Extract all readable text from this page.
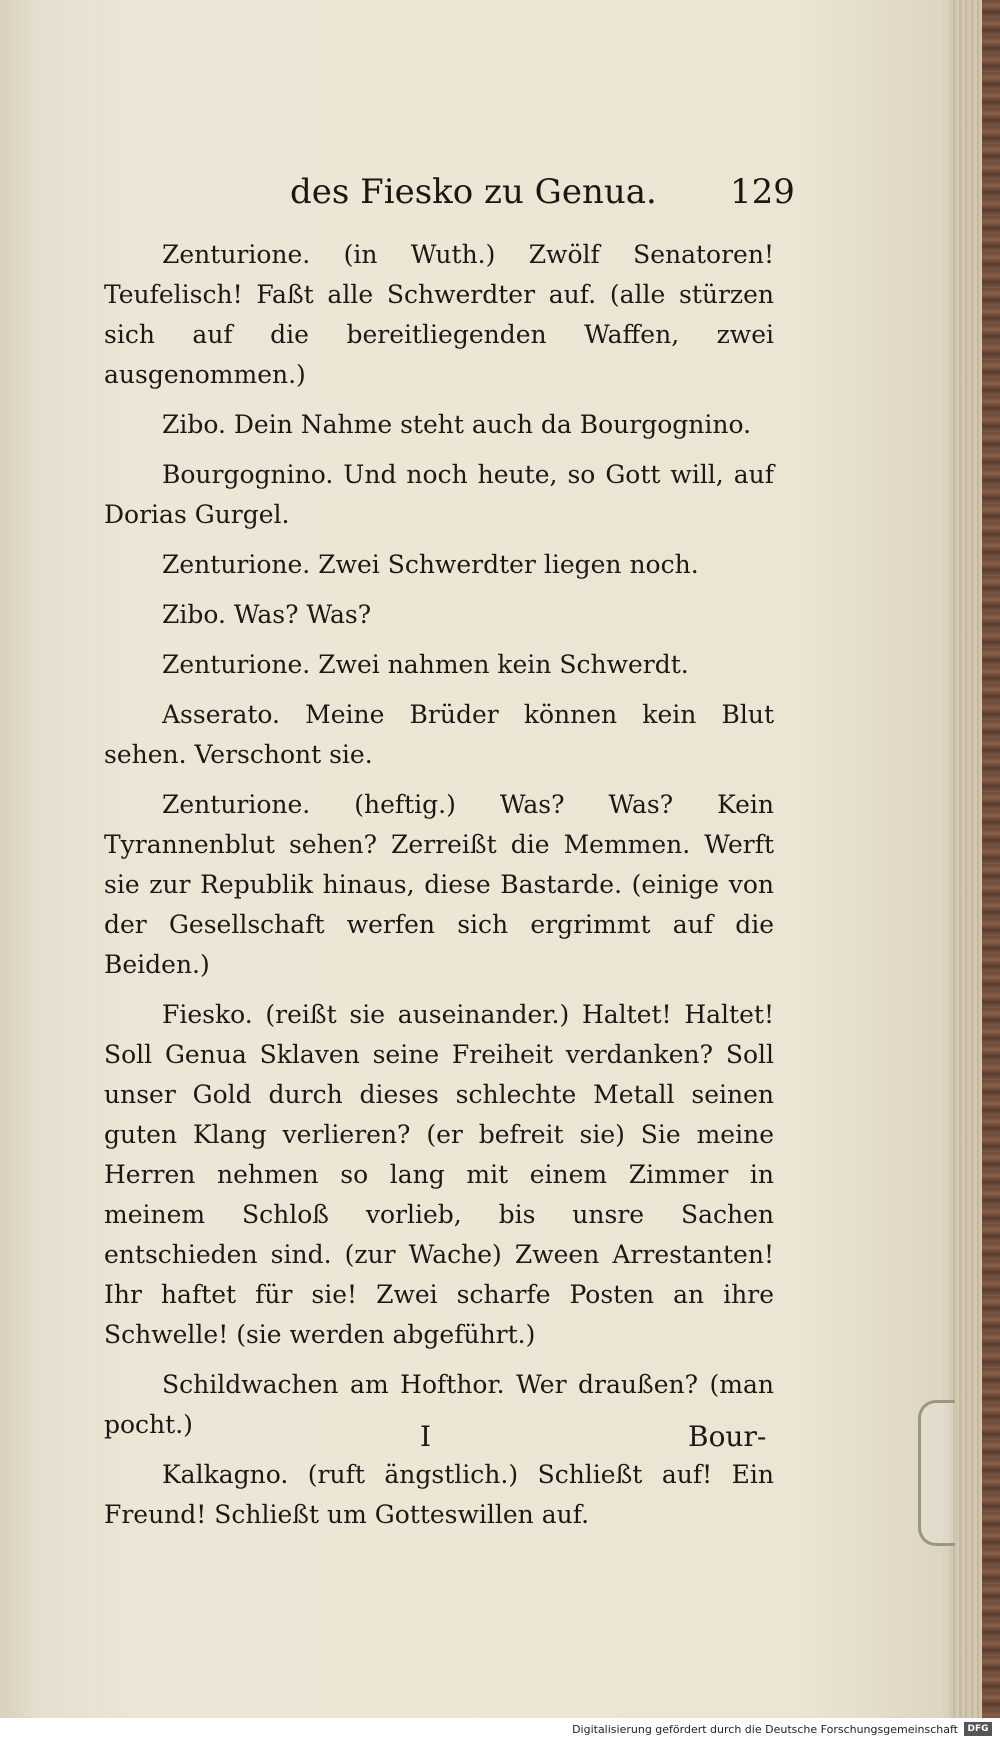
des Fiesko zu Genua. 129

Zenturione. (in Wuth.) Zwölf Senatoren! Teufelisch! Faßt alle Schwerdter auf. (alle stürzen sich auf die bereitliegenden Waffen, zwei ausgenommen.)

Zibo. Dein Nahme steht auch da Bourgognino.

Bourgognino. Und noch heute, so Gott will, auf Dorias Gurgel.

Zenturione. Zwei Schwerdter liegen noch.

Zibo. Was? Was?

Zenturione. Zwei nahmen kein Schwerdt.

Asserato. Meine Brüder können kein Blut sehen. Verschont sie.

Zenturione. (heftig.) Was? Was? Kein Tyrannenblut sehen? Zerreißt die Memmen. Werft sie zur Republik hinaus, diese Bastarde. (einige von der Gesellschaft werfen sich ergrimmt auf die Beiden.)

Fiesko. (reißt sie auseinander.) Haltet! Haltet! Soll Genua Sklaven seine Freiheit verdanken? Soll unser Gold durch dieses schlechte Metall seinen guten Klang verlieren? (er befreit sie) Sie meine Herren nehmen so lang mit einem Zimmer in meinem Schloß vorlieb, bis unsre Sachen entschieden sind. (zur Wache) Zween Arrestanten! Ihr haftet für sie! Zwei scharfe Posten an ihre Schwelle! (sie werden abgeführt.)

Schildwachen am Hofthor. Wer draußen? (man pocht.)

Kalkagno. (ruft ängstlich.) Schließt auf! Ein Freund! Schließt um Gotteswillen auf.

I	Bour-
Digitalisierung gefördert durch die Deutsche Forschungsgemeinschaft	DFG
